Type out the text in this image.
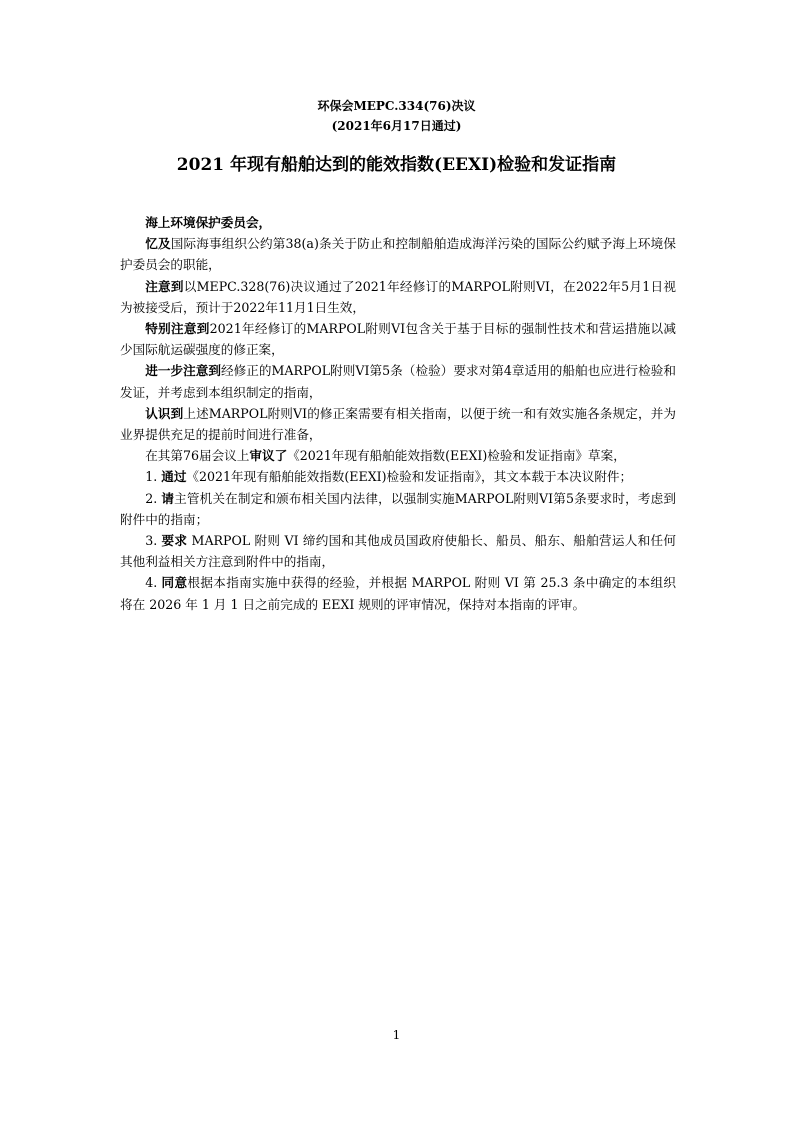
环保会MEPC.334(76)决议
(2021年6月17日通过)
2021 年现有船舶达到的能效指数(EEXI)检验和发证指南

海上环境保护委员会，

忆及国际海事组织公约第38(a)条关于防止和控制船舶造成海洋污染的国际公约赋予海上环境保护委员会的职能，

注意到以MEPC.328(76)决议通过了2021年经修订的MARPOL附则VI，在2022年5月1日视为被接受后，预计于2022年11月1日生效，

特别注意到2021年经修订的MARPOL附则VI包含关于基于目标的强制性技术和营运措施以减少国际航运碳强度的修正案，

进一步注意到经修正的MARPOL附则VI第5条（检验）要求对第4章适用的船舶也应进行检验和发证，并考虑到本组织制定的指南，

认识到上述MARPOL附则VI的修正案需要有相关指南，以便于统一和有效实施各条规定，并为业界提供充足的提前时间进行准备，

在其第76届会议上审议了《2021年现有船舶能效指数(EEXI)检验和发证指南》草案，

1. 通过《2021年现有船舶能效指数(EEXI)检验和发证指南》，其文本载于本决议附件；

2. 请主管机关在制定和颁布相关国内法律，以强制实施MARPOL附则VI第5条要求时，考虑到附件中的指南；

3. 要求 MARPOL 附则 VI 缔约国和其他成员国政府使船长、船员、船东、船舶营运人和任何其他利益相关方注意到附件中的指南，

4. 同意根据本指南实施中获得的经验，并根据 MARPOL 附则 VI 第 25.3 条中确定的本组织将在 2026 年 1 月 1 日之前完成的 EEXI 规则的评审情况，保持对本指南的评审。

1
